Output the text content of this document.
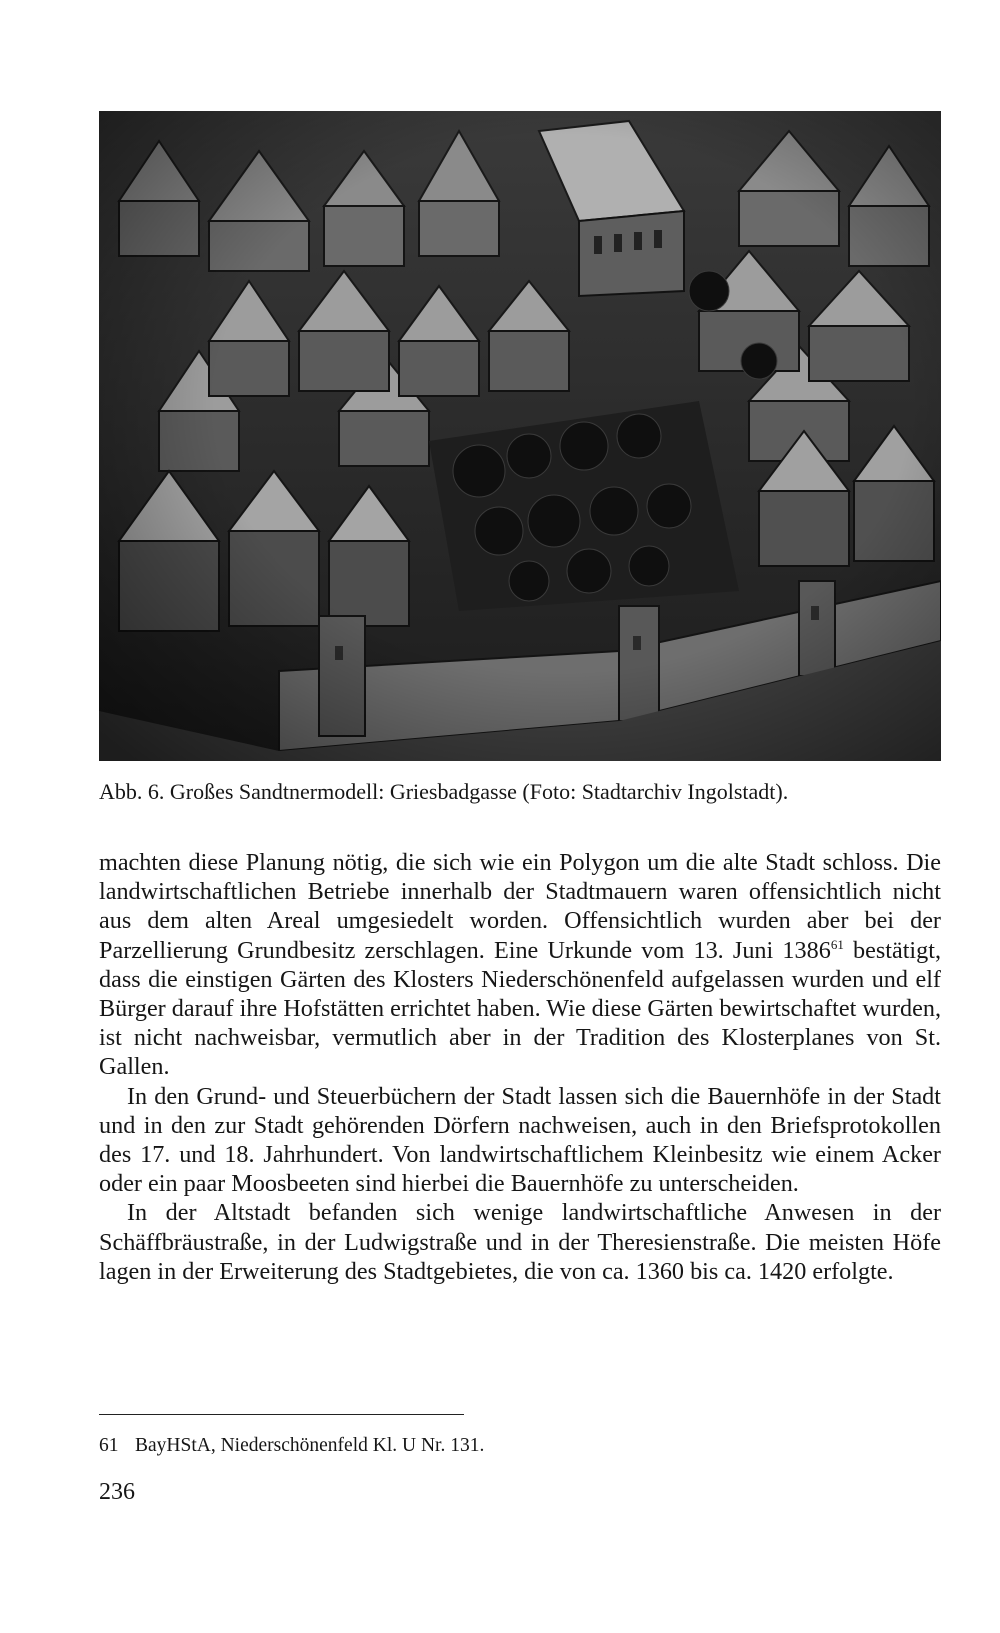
Abb. 6. Großes Sandtnermodell: Griesbadgasse (Foto: Stadtarchiv Ingolstadt).

machten diese Planung nötig, die sich wie ein Polygon um die alte Stadt schloss. Die landwirtschaftlichen Betriebe innerhalb der Stadtmauern waren offensichtlich nicht aus dem alten Areal umgesiedelt worden. Offensichtlich wurden aber bei der Parzellierung Grundbesitz zerschlagen. Eine Urkunde vom 13. Juni 1386$^{61}$ bestätigt, dass die einstigen Gärten des Klosters Niederschönenfeld aufgelassen wurden und elf Bürger darauf ihre Hofstätten errichtet haben. Wie diese Gärten bewirtschaftet wurden, ist nicht nachweisbar, vermutlich aber in der Tradition des Klosterplanes von St. Gallen.

In den Grund- und Steuerbüchern der Stadt lassen sich die Bauernhöfe in der Stadt und in den zur Stadt gehörenden Dörfern nachweisen, auch in den Briefsprotokollen des 17. und 18. Jahrhundert. Von landwirtschaftlichem Kleinbesitz wie einem Acker oder ein paar Moosbeeten sind hierbei die Bauernhöfe zu unterscheiden.

In der Altstadt befanden sich wenige landwirtschaftliche Anwesen in der Schäffbräustraße, in der Ludwigstraße und in der Theresienstraße. Die meisten Höfe lagen in der Erweiterung des Stadtgebietes, die von ca. 1360 bis ca. 1420 erfolgte.

61 BayHStA, Niederschönenfeld Kl. U Nr. 131.
236
